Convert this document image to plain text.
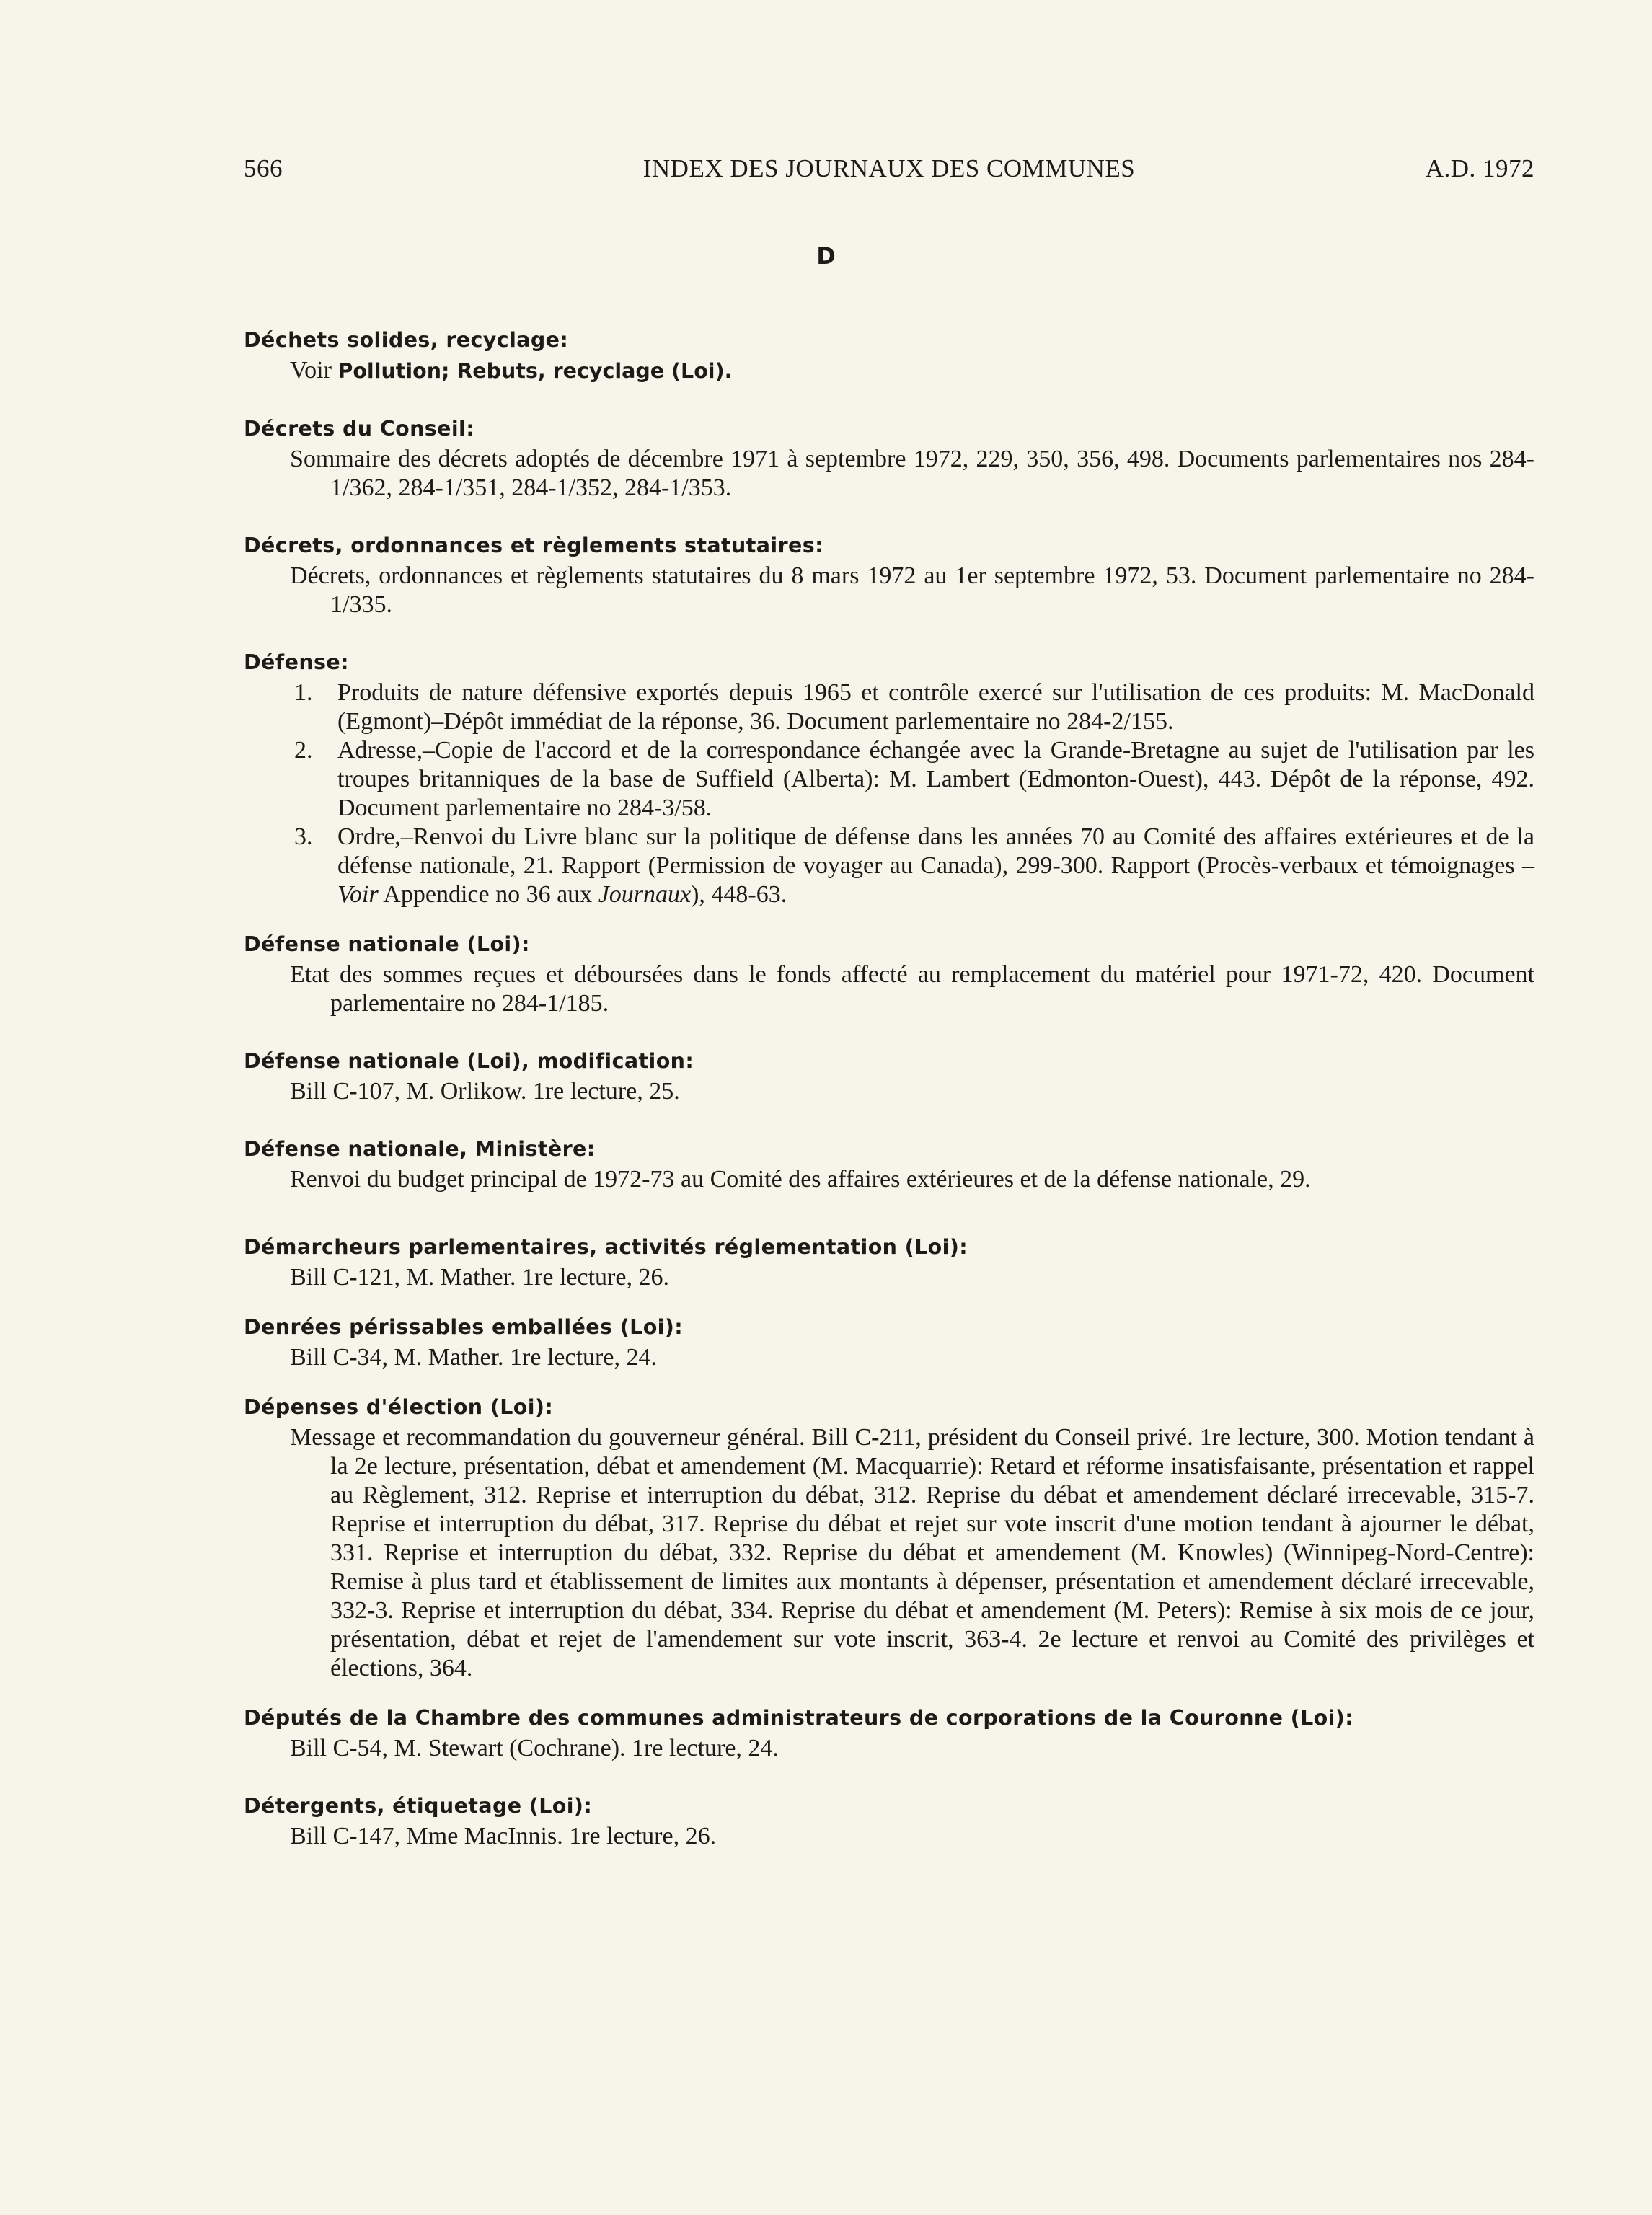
566	INDEX DES JOURNAUX DES COMMUNES	A.D. 1972
D
Déchets solides, recyclage:
Voir Pollution; Rebuts, recyclage (Loi).
Décrets du Conseil:
Sommaire des décrets adoptés de décembre 1971 à septembre 1972, 229, 350, 356, 498. Documents parlementaires nos 284-1/362, 284-1/351, 284-1/352, 284-1/353.
Décrets, ordonnances et règlements statutaires:
Décrets, ordonnances et règlements statutaires du 8 mars 1972 au 1er septembre 1972, 53. Document parlementaire no 284-1/335.
Défense:
1. Produits de nature défensive exportés depuis 1965 et contrôle exercé sur l'utilisation de ces produits: M. MacDonald (Egmont)–Dépôt immédiat de la réponse, 36. Document parlementaire no 284-2/155.
2. Adresse,–Copie de l'accord et de la correspondance échangée avec la Grande-Bretagne au sujet de l'utilisation par les troupes britanniques de la base de Suffield (Alberta): M. Lambert (Edmonton-Ouest), 443. Dépôt de la réponse, 492. Document parlementaire no 284-3/58.
3. Ordre,–Renvoi du Livre blanc sur la politique de défense dans les années 70 au Comité des affaires extérieures et de la défense nationale, 21. Rapport (Permission de voyager au Canada), 299-300. Rapport (Procès-verbaux et témoignages – Voir Appendice no 36 aux Journaux), 448-63.
Défense nationale (Loi):
Etat des sommes reçues et déboursées dans le fonds affecté au remplacement du matériel pour 1971-72, 420. Document parlementaire no 284-1/185.
Défense nationale (Loi), modification:
Bill C-107, M. Orlikow. 1re lecture, 25.
Défense nationale, Ministère:
Renvoi du budget principal de 1972-73 au Comité des affaires extérieures et de la défense nationale, 29.
Démarcheurs parlementaires, activités réglementation (Loi):
Bill C-121, M. Mather. 1re lecture, 26.
Denrées périssables emballées (Loi):
Bill C-34, M. Mather. 1re lecture, 24.
Dépenses d'élection (Loi):
Message et recommandation du gouverneur général. Bill C-211, président du Conseil privé. 1re lecture, 300. Motion tendant à la 2e lecture, présentation, débat et amendement (M. Macquarrie): Retard et réforme insatisfaisante, présentation et rappel au Règlement, 312. Reprise et interruption du débat, 312. Reprise du débat et amendement déclaré irrecevable, 315-7. Reprise et interruption du débat, 317. Reprise du débat et rejet sur vote inscrit d'une motion tendant à ajourner le débat, 331. Reprise et interruption du débat, 332. Reprise du débat et amendement (M. Knowles) (Winnipeg-Nord-Centre): Remise à plus tard et établissement de limites aux montants à dépenser, présentation et amendement déclaré irrecevable, 332-3. Reprise et interruption du débat, 334. Reprise du débat et amendement (M. Peters): Remise à six mois de ce jour, présentation, débat et rejet de l'amendement sur vote inscrit, 363-4. 2e lecture et renvoi au Comité des privilèges et élections, 364.
Députés de la Chambre des communes administrateurs de corporations de la Couronne (Loi):
Bill C-54, M. Stewart (Cochrane). 1re lecture, 24.
Détergents, étiquetage (Loi):
Bill C-147, Mme MacInnis. 1re lecture, 26.
